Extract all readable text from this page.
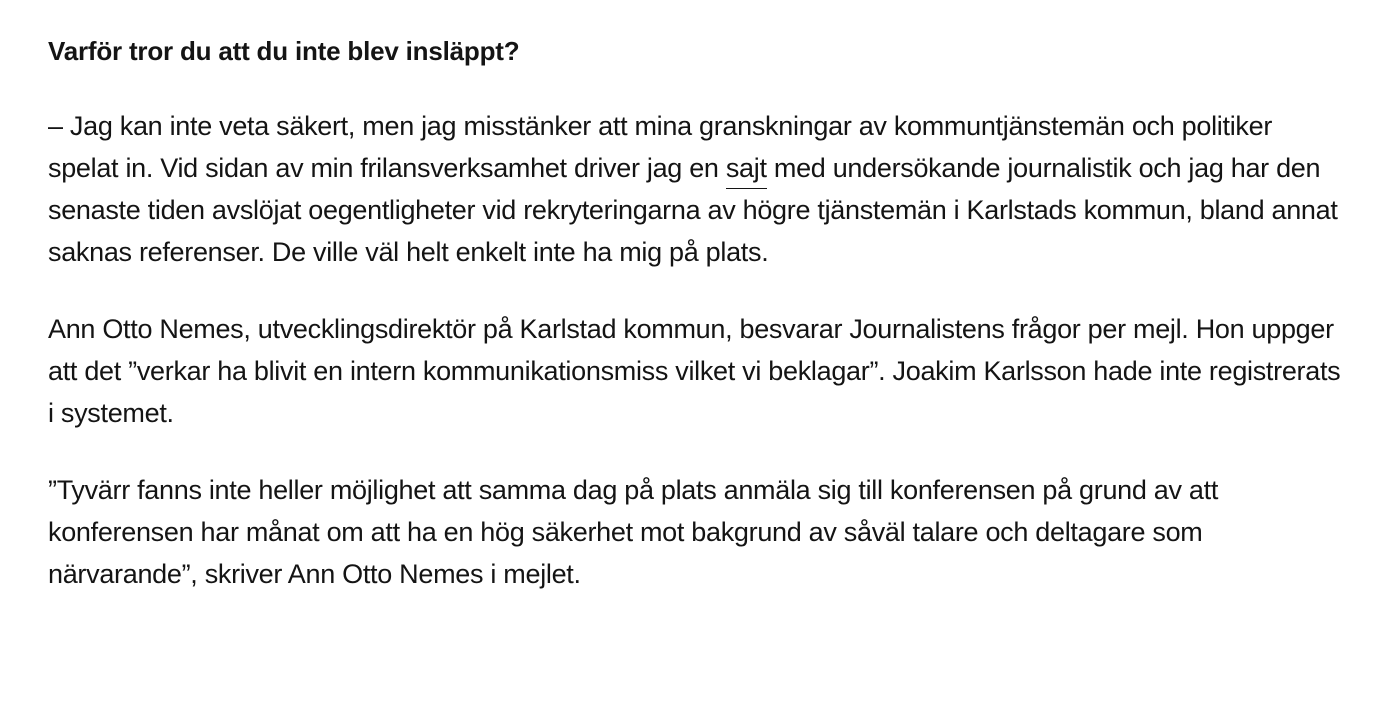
Varför tror du att du inte blev insläppt?

– Jag kan inte veta säkert, men jag misstänker att mina granskningar av kommuntjänstemän och politiker spelat in. Vid sidan av min frilansverksamhet driver jag en sajt med undersökande journalistik och jag har den senaste tiden avslöjat oegentligheter vid rekryteringarna av högre tjänstemän i Karlstads kommun, bland annat saknas referenser. De ville väl helt enkelt inte ha mig på plats.

Ann Otto Nemes, utvecklingsdirektör på Karlstad kommun, besvarar Journalistens frågor per mejl. Hon uppger att det ”verkar ha blivit en intern kommunikationsmiss vilket vi beklagar”. Joakim Karlsson hade inte registrerats i systemet.

”Tyvärr fanns inte heller möjlighet att samma dag på plats anmäla sig till konferensen på grund av att konferensen har månat om att ha en hög säkerhet mot bakgrund av såväl talare och deltagare som närvarande”, skriver Ann Otto Nemes i mejlet.
